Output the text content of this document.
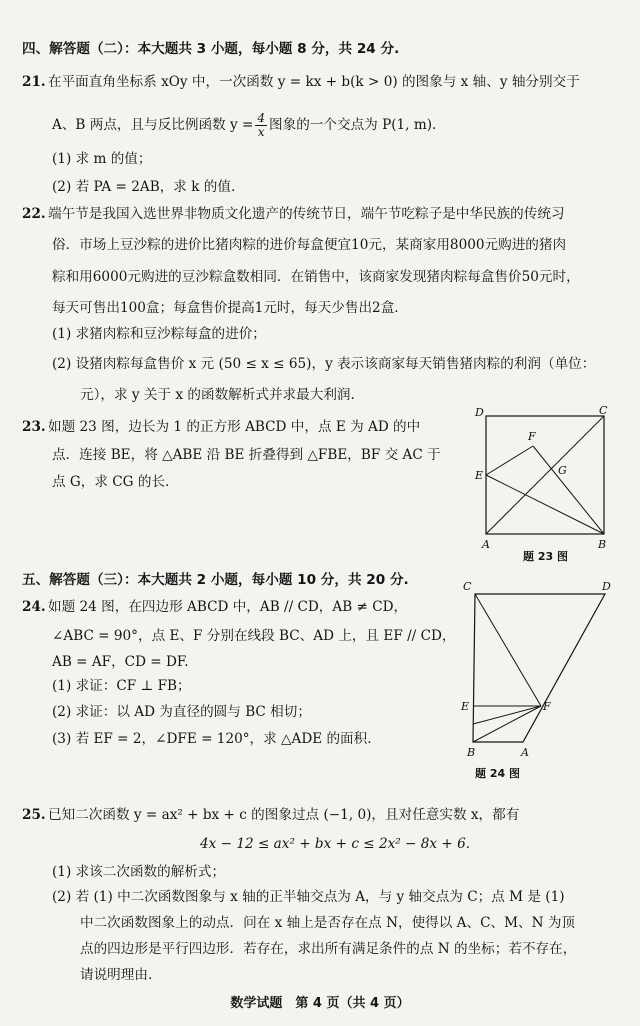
四、解答题（二）：本大题共 3 小题，每小题 8 分，共 24 分.
21. 在平面直角坐标系 xOy 中，一次函数 y = kx + b(k > 0) 的图象与 x 轴、y 轴分别交于
A、B 两点，且与反比例函数 $y = \frac{4}{x}$ 图象的一个交点为 P(1, m).
(1) 求 m 的值；
(2) 若 PA = 2AB，求 k 的值.
22. 端午节是我国入选世界非物质文化遗产的传统节日，端午节吃粽子是中华民族的传统习
俗．市场上豆沙粽的进价比猪肉粽的进价每盒便宜10元，某商家用8000元购进的猪肉
粽和用6000元购进的豆沙粽盒数相同．在销售中，该商家发现猪肉粽每盒售价50元时，
每天可售出100盒；每盒售价提高1元时，每天少售出2盒．
(1) 求猪肉粽和豆沙粽每盒的进价；
(2) 设猪肉粽每盒售价 x 元 (50 ≤ x ≤ 65)，y 表示该商家每天销售猪肉粽的利润（单位：
元），求 y 关于 x 的函数解析式并求最大利润.
23. 如题 23 图，边长为 1 的正方形 ABCD 中，点 E 为 AD 的中
点．连接 BE，将 △ABE 沿 BE 折叠得到 △FBE，BF 交 AC 于
点 G，求 CG 的长.
D	C
E
F
G
A	B
题 23 图
五、解答题（三）：本大题共 2 小题，每小题 10 分，共 20 分.
24. 如题 24 图，在四边形 ABCD 中，AB // CD，AB ≠ CD，
∠ABC = 90°，点 E、F 分别在线段 BC、AD 上，且 EF // CD，
AB = AF，CD = DF.
(1) 求证：CF ⊥ FB；
(2) 求证：以 AD 为直径的圆与 BC 相切；
(3) 若 EF = 2，∠DFE = 120°，求 △ADE 的面积.
C	D
E	F
B	A
题 24 图
25. 已知二次函数 y = ax² + bx + c 的图象过点 (−1, 0)，且对任意实数 x，都有
4x − 12 ≤ ax² + bx + c ≤ 2x² − 8x + 6.
(1) 求该二次函数的解析式；
(2) 若 (1) 中二次函数图象与 x 轴的正半轴交点为 A，与 y 轴交点为 C；点 M 是 (1)
中二次函数图象上的动点．问在 x 轴上是否存在点 N，使得以 A、C、M、N 为顶
点的四边形是平行四边形．若存在，求出所有满足条件的点 N 的坐标；若不存在，
请说明理由.
数学试题　第 4 页（共 4 页）
